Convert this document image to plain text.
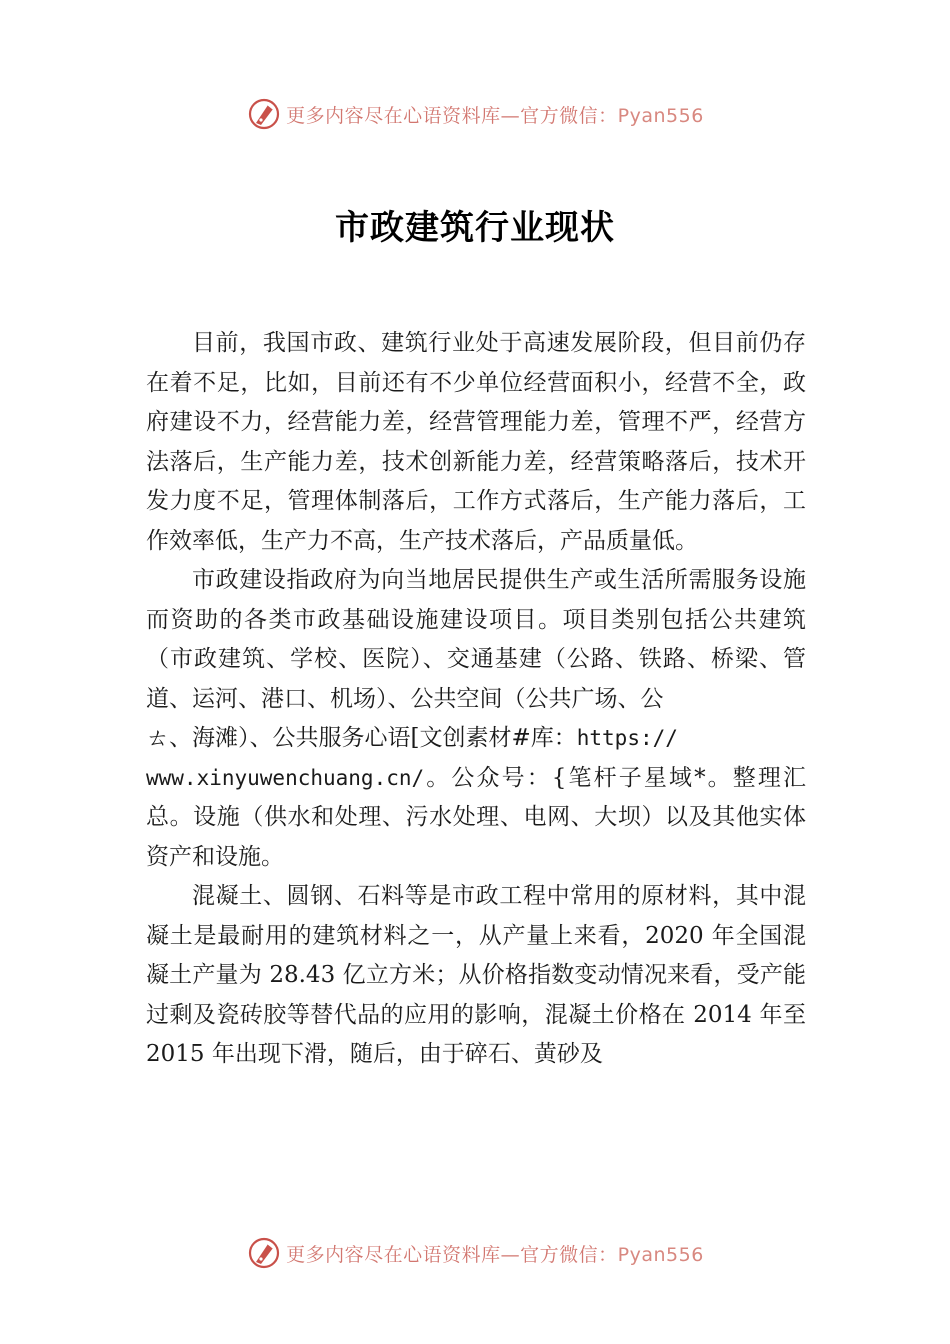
更多内容尽在心语资料库—官方微信：Pyan556
市政建筑行业现状

目前，我国市政、建筑行业处于高速发展阶段，但目前仍存在着不足，比如，目前还有不少单位经营面积小，经营不全，政府建设不力，经营能力差，经营管理能力差，管理不严，经营方法落后，生产能力差，技术创新能力差，经营策略落后，技术开发力度不足，管理体制落后，工作方式落后，生产能力落后，工作效率低，生产力不高，生产技术落后，产品质量低。

市政建设指政府为向当地居民提供生产或生活所需服务设施而资助的各类市政基础设施建设项目。项目类别包括公共建筑（市政建筑、学校、医院）、交通基建（公路、铁路、桥梁、管道、运河、港口、机场）、公共空间（公共广场、公

ㄊ、海滩）、公共服务心语[文创素材#库：https://
www.xinyuwenchuang.cn/。公众号：{笔杆子星域*。整理汇总。设施（供水和处理、污水处理、电网、大坝）以及其他实体资产和设施。

混凝土、圆钢、石料等是市政工程中常用的原材料，其中混凝土是最耐用的建筑材料之一，从产量上来看，2020 年全国混凝土产量为 28.43 亿立方米；从价格指数变动情况来看，受产能过剩及瓷砖胶等替代品的应用的影响，混凝土价格在 2014 年至 2015 年出现下滑，随后，由于碎石、黄砂及

更多内容尽在心语资料库—官方微信：Pyan556
